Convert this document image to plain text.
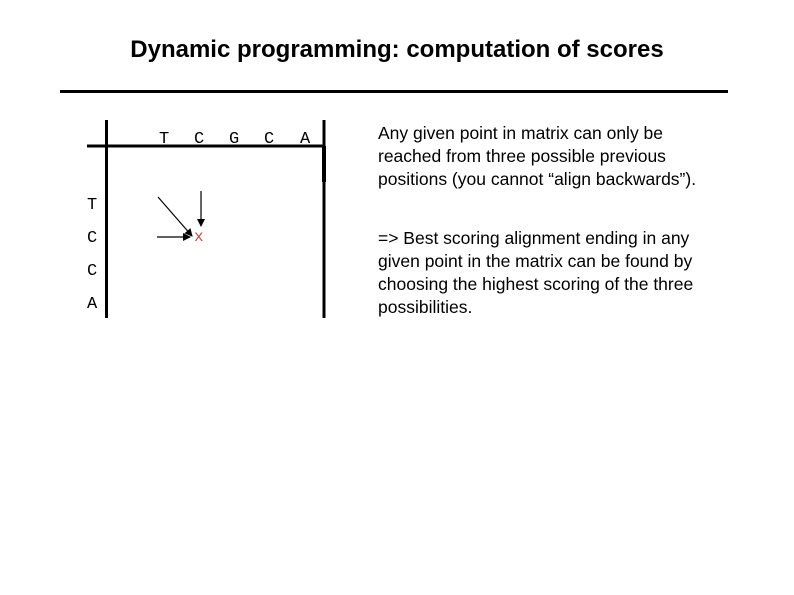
Dynamic programming: computation of scores
T C G C A
T
C
C
A
x

Any given point in matrix can only be reached from three possible previous positions (you cannot “align backwards”).

=> Best scoring alignment ending in any given point in the matrix can be found by choosing the highest scoring of the three possibilities.
